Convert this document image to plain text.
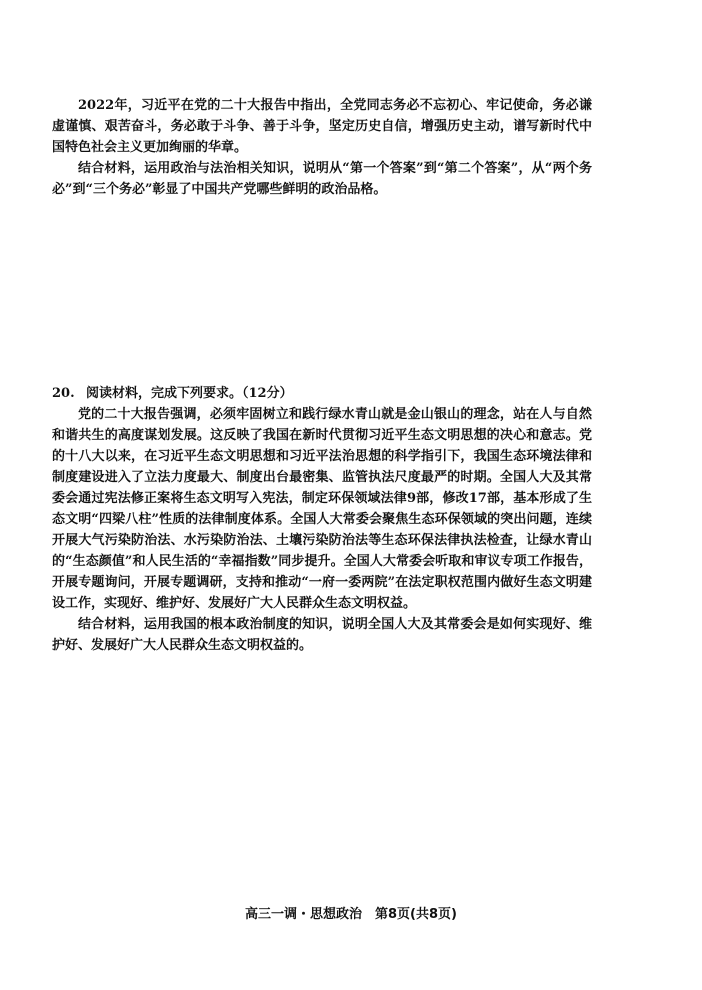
2022年，习近平在党的二十大报告中指出，全党同志务必不忘初心、牢记使命，务必谦虚谨慎、艰苦奋斗，务必敢于斗争、善于斗争，坚定历史自信，增强历史主动，谱写新时代中国特色社会主义更加绚丽的华章。

结合材料，运用政治与法治相关知识，说明从“第一个答案”到“第二个答案”，从“两个务必”到“三个务必”彰显了中国共产党哪些鲜明的政治品格。

20. 阅读材料，完成下列要求。（12分）

党的二十大报告强调，必须牢固树立和践行绿水青山就是金山银山的理念，站在人与自然和谐共生的高度谋划发展。这反映了我国在新时代贯彻习近平生态文明思想的决心和意志。党的十八大以来，在习近平生态文明思想和习近平法治思想的科学指引下，我国生态环境法律和制度建设进入了立法力度最大、制度出台最密集、监管执法尺度最严的时期。全国人大及其常委会通过宪法修正案将生态文明写入宪法，制定环保领域法律9部，修改17部，基本形成了生态文明“四梁八柱”性质的法律制度体系。全国人大常委会聚焦生态环保领域的突出问题，连续开展大气污染防治法、水污染防治法、土壤污染防治法等生态环保法律执法检查，让绿水青山的“生态颜值”和人民生活的“幸福指数”同步提升。全国人大常委会听取和审议专项工作报告，开展专题询问，开展专题调研，支持和推动“一府一委两院”在法定职权范围内做好生态文明建设工作，实现好、维护好、发展好广大人民群众生态文明权益。

结合材料，运用我国的根本政治制度的知识，说明全国人大及其常委会是如何实现好、维护好、发展好广大人民群众生态文明权益的。

高三一调・思想政治　第8页(共8页)
